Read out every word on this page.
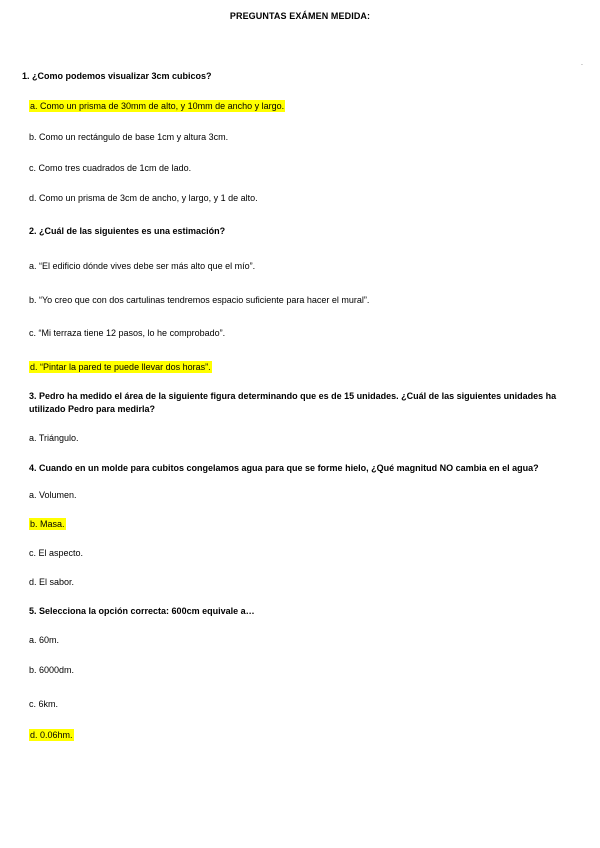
PREGUNTAS EXÁMEN MEDIDA:
.
1. ¿Como podemos visualizar 3cm cubicos?
a. Como un prisma de 30mm de alto, y 10mm de ancho y largo.
b. Como un rectángulo de base 1cm y altura 3cm.
c. Como tres cuadrados de 1cm de lado.
d. Como un prisma de 3cm de ancho, y largo, y 1 de alto.
2. ¿Cuál de las siguientes es una estimación?
a. “El edificio dónde vives debe ser más alto que el mío”.
b. “Yo creo que con dos cartulinas tendremos espacio suficiente para hacer el mural”.
c. “Mi terraza tiene 12 pasos, lo he comprobado”.
d. “Pintar la pared te puede llevar dos horas”.
3. Pedro ha medido el área de la siguiente figura determinando que es de 15 unidades. ¿Cuál de las siguientes unidades ha utilizado Pedro para medirla?
a. Triángulo.
4. Cuando en un molde para cubitos congelamos agua para que se forme hielo, ¿Qué magnitud NO cambia en el agua?
a. Volumen.
b. Masa.
c. El aspecto.
d. El sabor.
5. Selecciona la opción correcta: 600cm equivale a…
a. 60m.
b. 6000dm.
c. 6km.
d. 0.06hm.
